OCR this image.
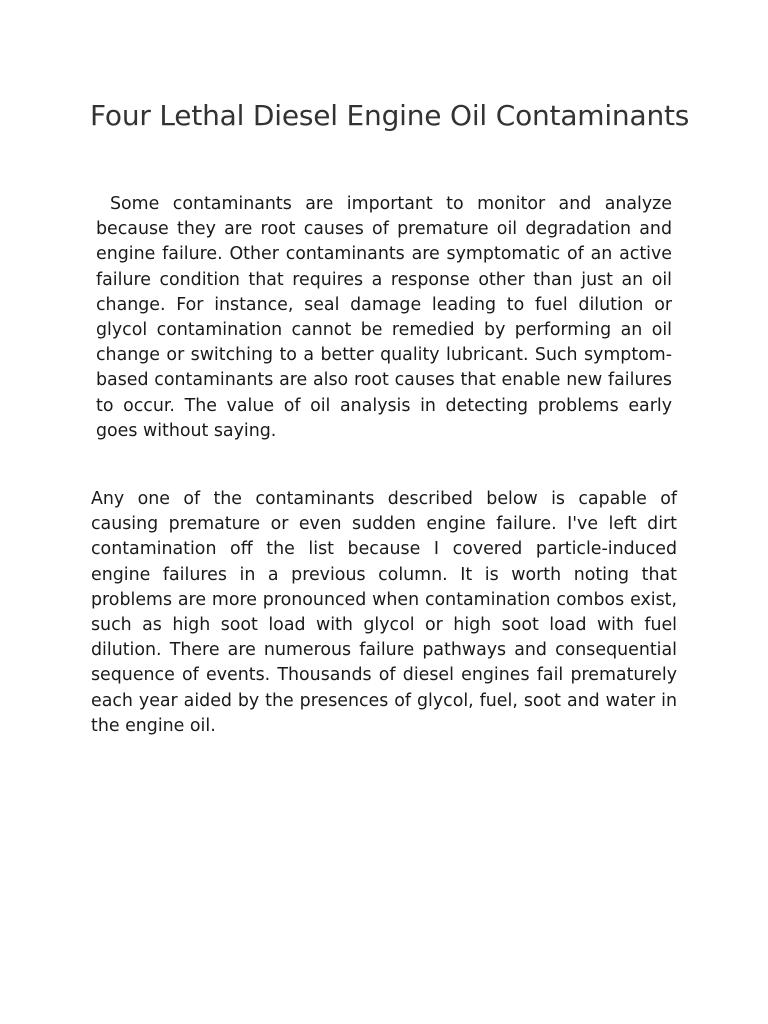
Four Lethal Diesel Engine Oil Contaminants

Some contaminants are important to monitor and analyze because they are root causes of premature oil degradation and engine failure. Other contaminants are symptomatic of an active failure condition that requires a response other than just an oil change. For instance, seal damage leading to fuel dilution or glycol contamination cannot be remedied by performing an oil change or switching to a better quality lubricant. Such symptom-based contaminants are also root causes that enable new failures to occur. The value of oil analysis in detecting problems early goes without saying.

Any one of the contaminants described below is capable of causing premature or even sudden engine failure. I've left dirt contamination off the list because I covered particle-induced engine failures in a previous column. It is worth noting that problems are more pronounced when contamination combos exist, such as high soot load with glycol or high soot load with fuel dilution. There are numerous failure pathways and consequential sequence of events. Thousands of diesel engines fail prematurely each year aided by the presences of glycol, fuel, soot and water in the engine oil.
